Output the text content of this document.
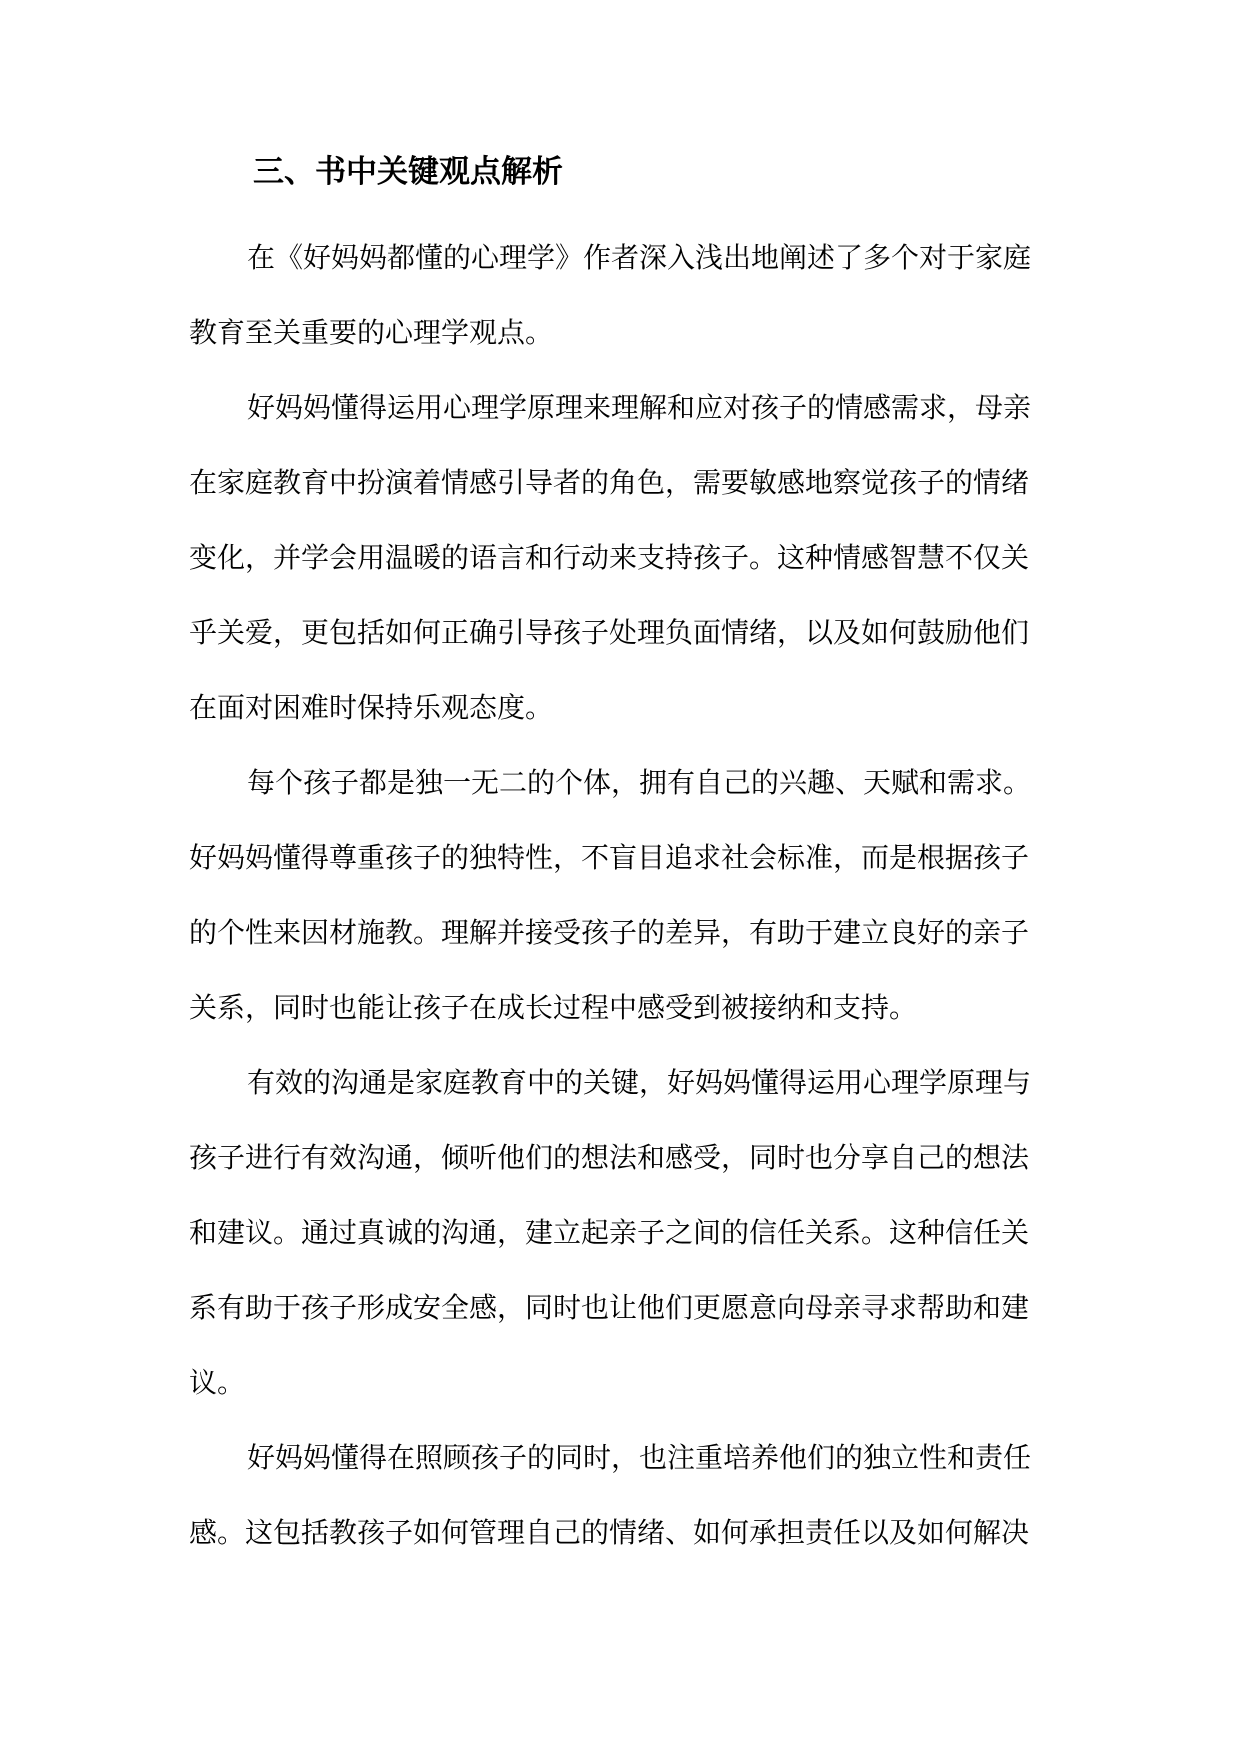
三、书中关键观点解析

在《好妈妈都懂的心理学》作者深入浅出地阐述了多个对于家庭

教育至关重要的心理学观点。

好妈妈懂得运用心理学原理来理解和应对孩子的情感需求，母亲

在家庭教育中扮演着情感引导者的角色，需要敏感地察觉孩子的情绪

变化，并学会用温暖的语言和行动来支持孩子。这种情感智慧不仅关

乎关爱，更包括如何正确引导孩子处理负面情绪，以及如何鼓励他们

在面对困难时保持乐观态度。

每个孩子都是独一无二的个体，拥有自己的兴趣、天赋和需求。

好妈妈懂得尊重孩子的独特性，不盲目追求社会标准，而是根据孩子

的个性来因材施教。理解并接受孩子的差异，有助于建立良好的亲子

关系，同时也能让孩子在成长过程中感受到被接纳和支持。

有效的沟通是家庭教育中的关键，好妈妈懂得运用心理学原理与

孩子进行有效沟通，倾听他们的想法和感受，同时也分享自己的想法

和建议。通过真诚的沟通，建立起亲子之间的信任关系。这种信任关

系有助于孩子形成安全感，同时也让他们更愿意向母亲寻求帮助和建

议。

好妈妈懂得在照顾孩子的同时，也注重培养他们的独立性和责任

感。这包括教孩子如何管理自己的情绪、如何承担责任以及如何解决
